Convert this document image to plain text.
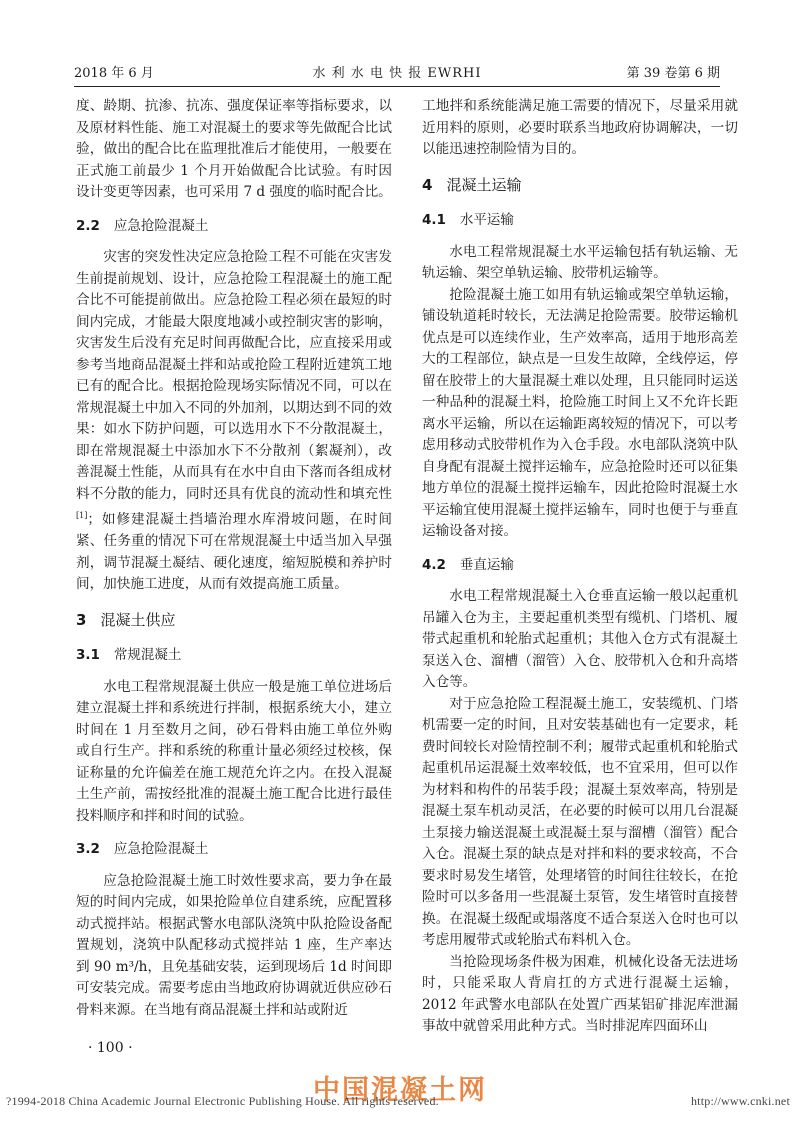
2018 年 6 月	水 利 水 电 快 报 EWRHI	第 39 卷第 6 期

度、龄期、抗渗、抗冻、强度保证率等指标要求，以及原材料性能、施工对混凝土的要求等先做配合比试验，做出的配合比在监理批准后才能使用，一般要在正式施工前最少 1 个月开始做配合比试验。有时因设计变更等因素，也可采用 7 d 强度的临时配合比。

2.2 应急抢险混凝土

灾害的突发性决定应急抢险工程不可能在灾害发生前提前规划、设计，应急抢险工程混凝土的施工配合比不可能提前做出。应急抢险工程必须在最短的时间内完成，才能最大限度地减小或控制灾害的影响，灾害发生后没有充足时间再做配合比，应直接采用或参考当地商品混凝土拌和站或抢险工程附近建筑工地已有的配合比。根据抢险现场实际情况不同，可以在常规混凝土中加入不同的外加剂，以期达到不同的效果：如水下防护问题，可以选用水下不分散混凝土，即在常规混凝土中添加水下不分散剂（絮凝剂），改善混凝土性能，从而具有在水中自由下落而各组成材料不分散的能力，同时还具有优良的流动性和填充性[1]；如修建混凝土挡墙治理水库滑坡问题，在时间紧、任务重的情况下可在常规混凝土中适当加入早强剂，调节混凝土凝结、硬化速度，缩短脱模和养护时间，加快施工进度，从而有效提高施工质量。

3 混凝土供应
3.1 常规混凝土

水电工程常规混凝土供应一般是施工单位进场后建立混凝土拌和系统进行拌制，根据系统大小，建立时间在 1 月至数月之间，砂石骨料由施工单位外购或自行生产。拌和系统的称重计量必须经过校核，保证称量的允许偏差在施工规范允许之内。在投入混凝土生产前，需按经批准的混凝土施工配合比进行最佳投料顺序和拌和时间的试验。

3.2 应急抢险混凝土

应急抢险混凝土施工时效性要求高，要力争在最短的时间内完成，如果抢险单位自建系统，应配置移动式搅拌站。根据武警水电部队浇筑中队抢险设备配置规划，浇筑中队配移动式搅拌站 1 座，生产率达到 90 m³/h，且免基础安装，运到现场后 1d 时间即可安装完成。需要考虑由当地政府协调就近供应砂石骨料来源。在当地有商品混凝土拌和站或附近

工地拌和系统能满足施工需要的情况下，尽量采用就近用料的原则，必要时联系当地政府协调解决，一切以能迅速控制险情为目的。

4 混凝土运输
4.1 水平运输

水电工程常规混凝土水平运输包括有轨运输、无轨运输、架空单轨运输、胶带机运输等。

抢险混凝土施工如用有轨运输或架空单轨运输，铺设轨道耗时较长，无法满足抢险需要。胶带运输机优点是可以连续作业，生产效率高，适用于地形高差大的工程部位，缺点是一旦发生故障，全线停运，停留在胶带上的大量混凝土难以处理，且只能同时运送一种品种的混凝土料，抢险施工时间上又不允许长距离水平运输，所以在运输距离较短的情况下，可以考虑用移动式胶带机作为入仓手段。水电部队浇筑中队自身配有混凝土搅拌运输车，应急抢险时还可以征集地方单位的混凝土搅拌运输车，因此抢险时混凝土水平运输宜使用混凝土搅拌运输车，同时也便于与垂直运输设备对接。

4.2 垂直运输

水电工程常规混凝土入仓垂直运输一般以起重机吊罐入仓为主，主要起重机类型有缆机、门塔机、履带式起重机和轮胎式起重机；其他入仓方式有混凝土泵送入仓、溜槽（溜管）入仓、胶带机入仓和升高塔入仓等。

对于应急抢险工程混凝土施工，安装缆机、门塔机需要一定的时间，且对安装基础也有一定要求，耗费时间较长对险情控制不利；履带式起重机和轮胎式起重机吊运混凝土效率较低，也不宜采用，但可以作为材料和构件的吊装手段；混凝土泵效率高，特别是混凝土泵车机动灵活，在必要的时候可以用几台混凝土泵接力输送混凝土或混凝土泵与溜槽（溜管）配合入仓。混凝土泵的缺点是对拌和料的要求较高，不合要求时易发生堵管，处理堵管的时间往往较长，在抢险时可以多备用一些混凝土泵管，发生堵管时直接替换。在混凝土级配或塌落度不适合泵送入仓时也可以考虑用履带式或轮胎式布料机入仓。

当抢险现场条件极为困难，机械化设备无法进场时，只能采取人背肩扛的方式进行混凝土运输，2012 年武警水电部队在处置广西某铝矿排泥库泄漏事故中就曾采用此种方式。当时排泥库四面环山

· 100 ·
中国混凝土网
?1994-2018 China Academic Journal Electronic Publishing House. All rights reserved.	http://www.cnki.net
